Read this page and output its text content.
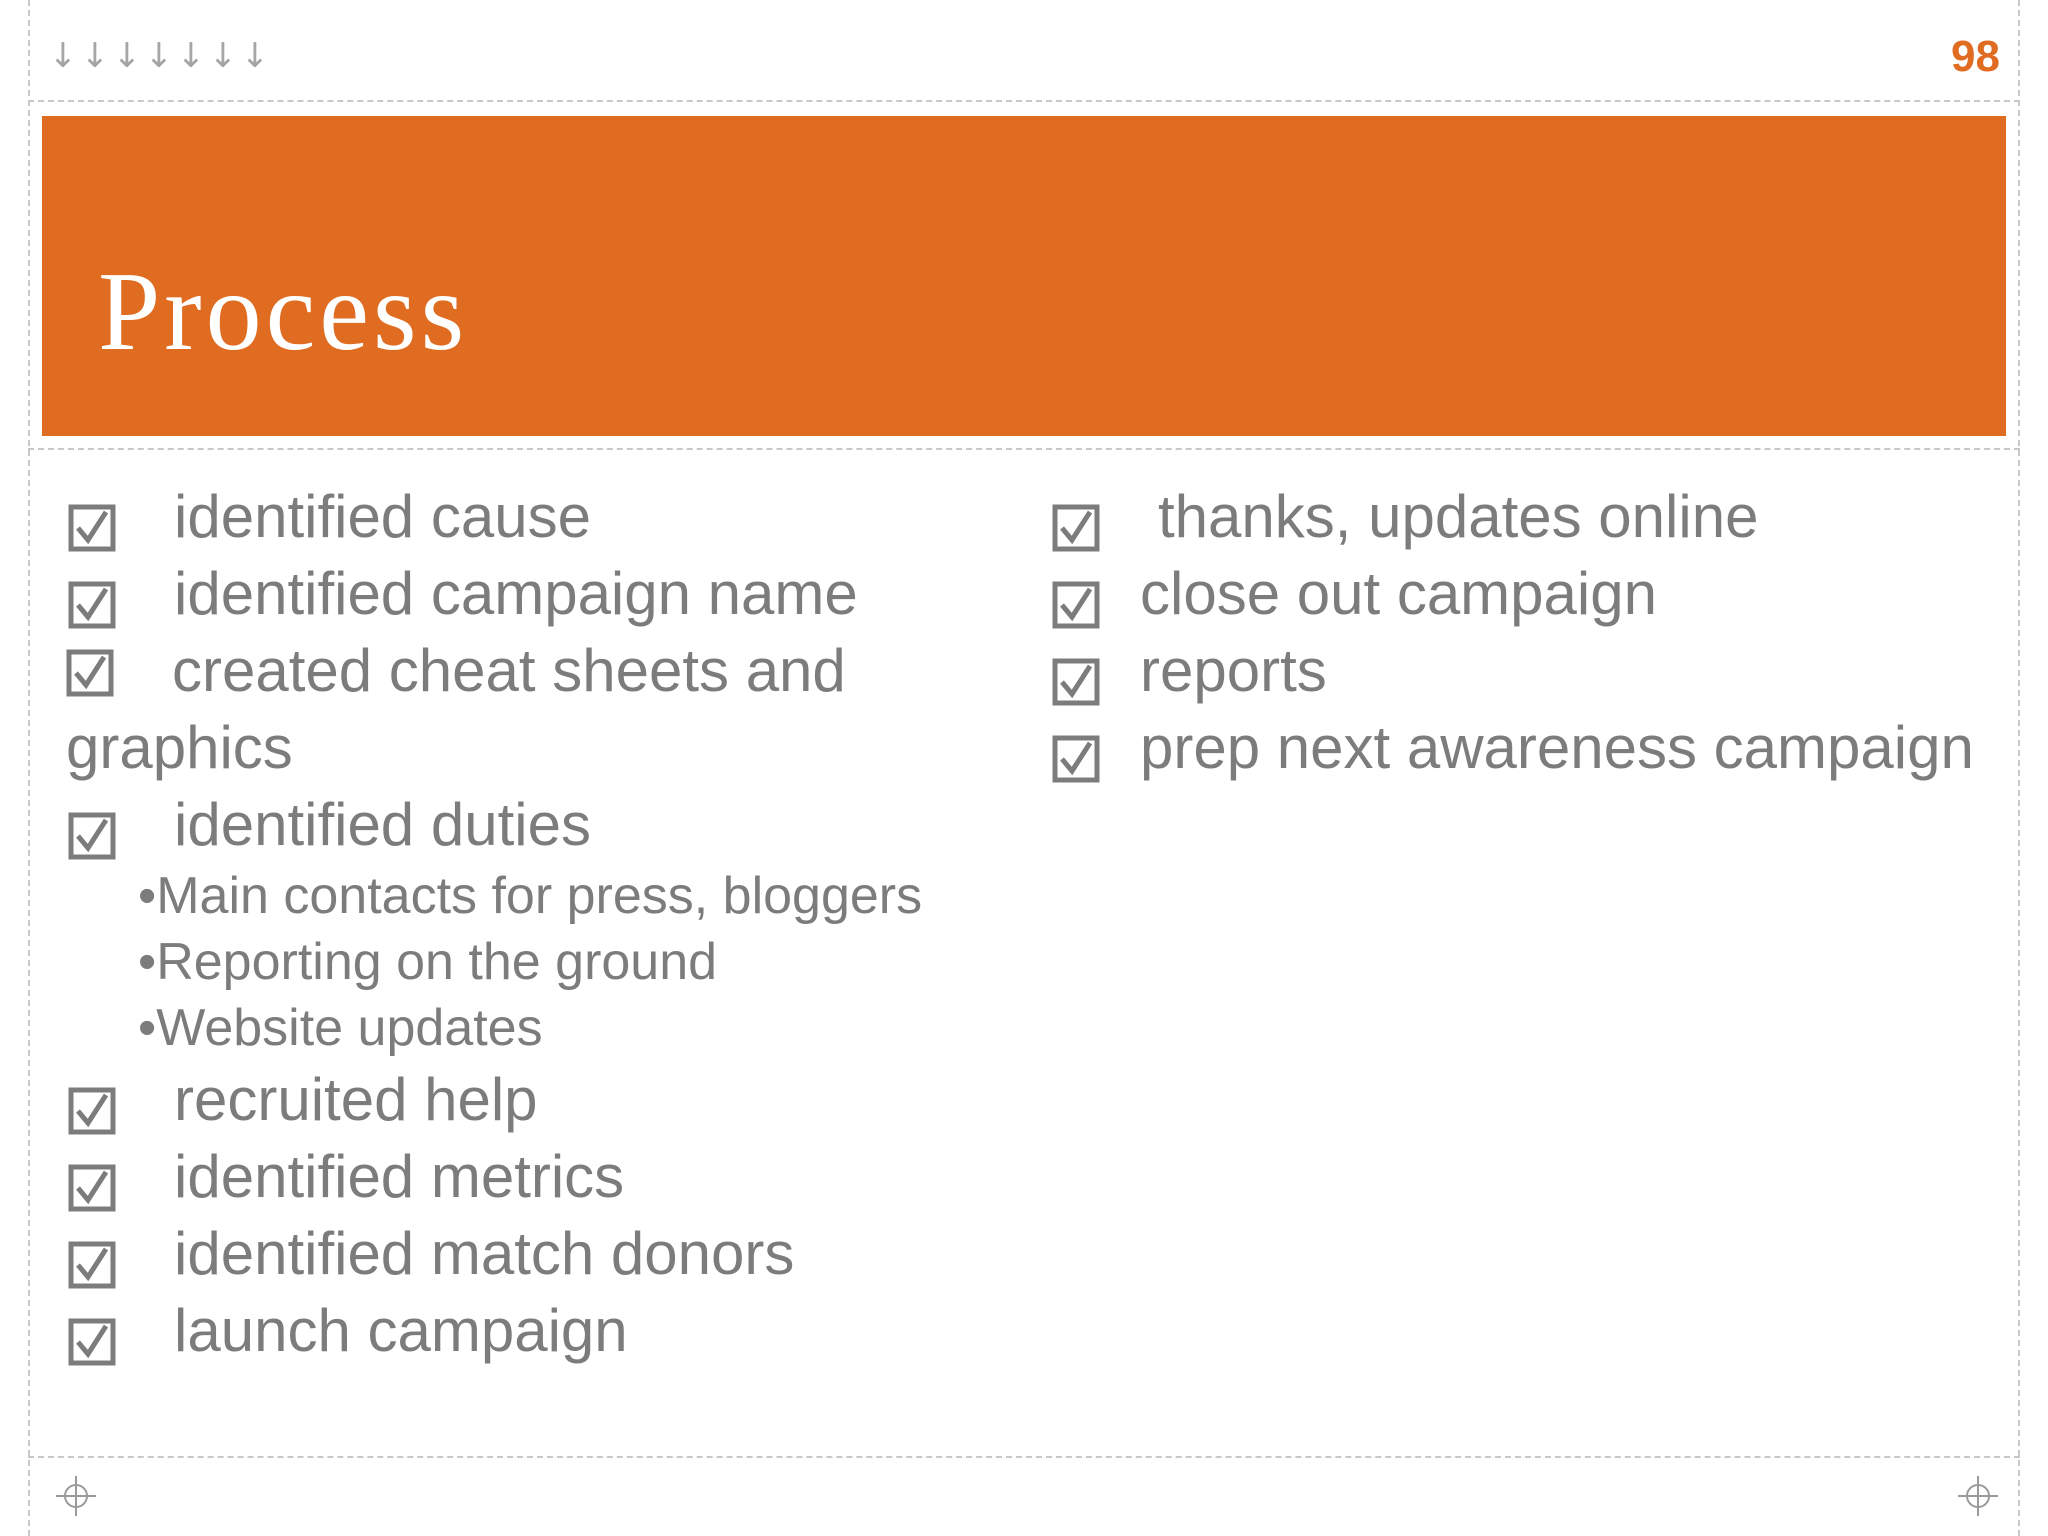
↓ ↓ ↓ ↓ ↓ ↓ ↓	98
Process
identified cause
identified campaign name
created cheat sheets and graphics
identified duties
•Main contacts for press, bloggers
•Reporting on the ground
•Website updates
recruited help
identified metrics
identified match donors
launch campaign
thanks, updates online
close out campaign
reports
prep next awareness campaign
